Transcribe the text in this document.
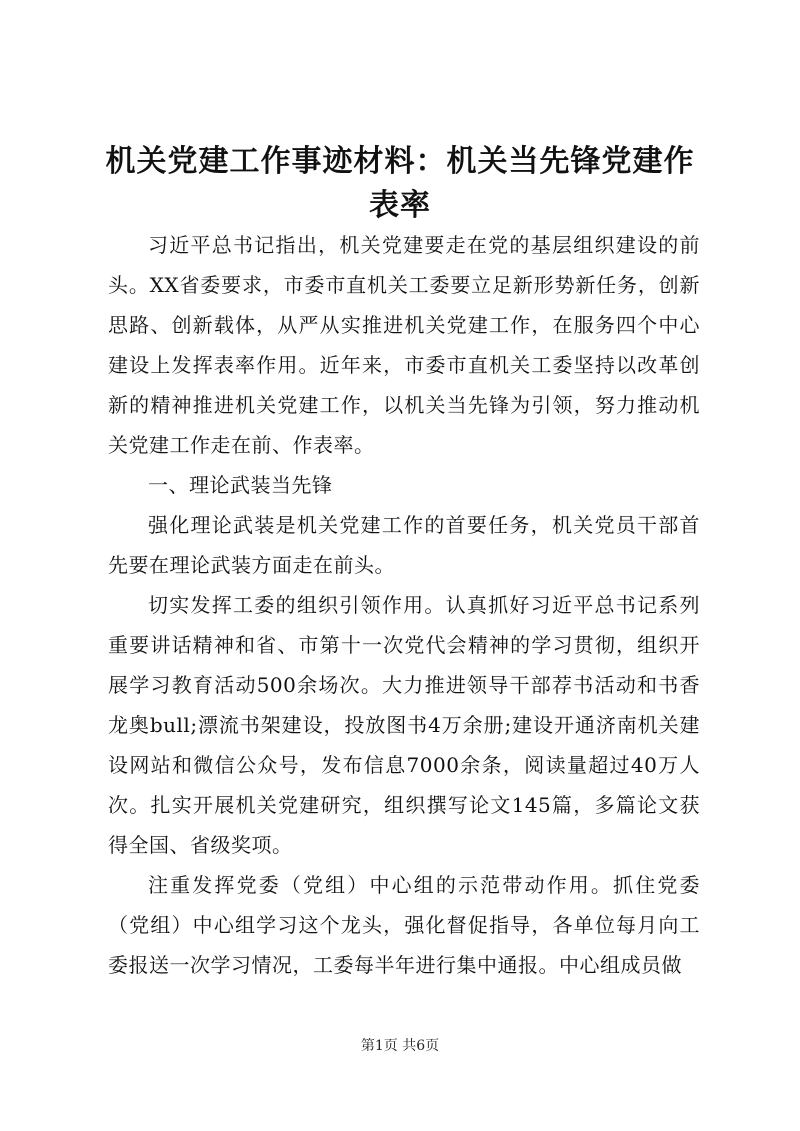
机关党建工作事迹材料：机关当先锋党建作表率

习近平总书记指出，机关党建要走在党的基层组织建设的前头。XX省委要求，市委市直机关工委要立足新形势新任务，创新思路、创新载体，从严从实推进机关党建工作，在服务四个中心建设上发挥表率作用。近年来，市委市直机关工委坚持以改革创新的精神推进机关党建工作，以机关当先锋为引领，努力推动机关党建工作走在前、作表率。

一、理论武装当先锋

强化理论武装是机关党建工作的首要任务，机关党员干部首先要在理论武装方面走在前头。

切实发挥工委的组织引领作用。认真抓好习近平总书记系列重要讲话精神和省、市第十一次党代会精神的学习贯彻，组织开展学习教育活动500余场次。大力推进领导干部荐书活动和书香龙奥bull;漂流书架建设，投放图书4万余册;建设开通济南机关建设网站和微信公众号，发布信息7000余条，阅读量超过40万人次。扎实开展机关党建研究，组织撰写论文145篇，多篇论文获得全国、省级奖项。

注重发挥党委（党组）中心组的示范带动作用。抓住党委（党组）中心组学习这个龙头，强化督促指导，各单位每月向工委报送一次学习情况，工委每半年进行集中通报。中心组成员做

第1页 共6页
